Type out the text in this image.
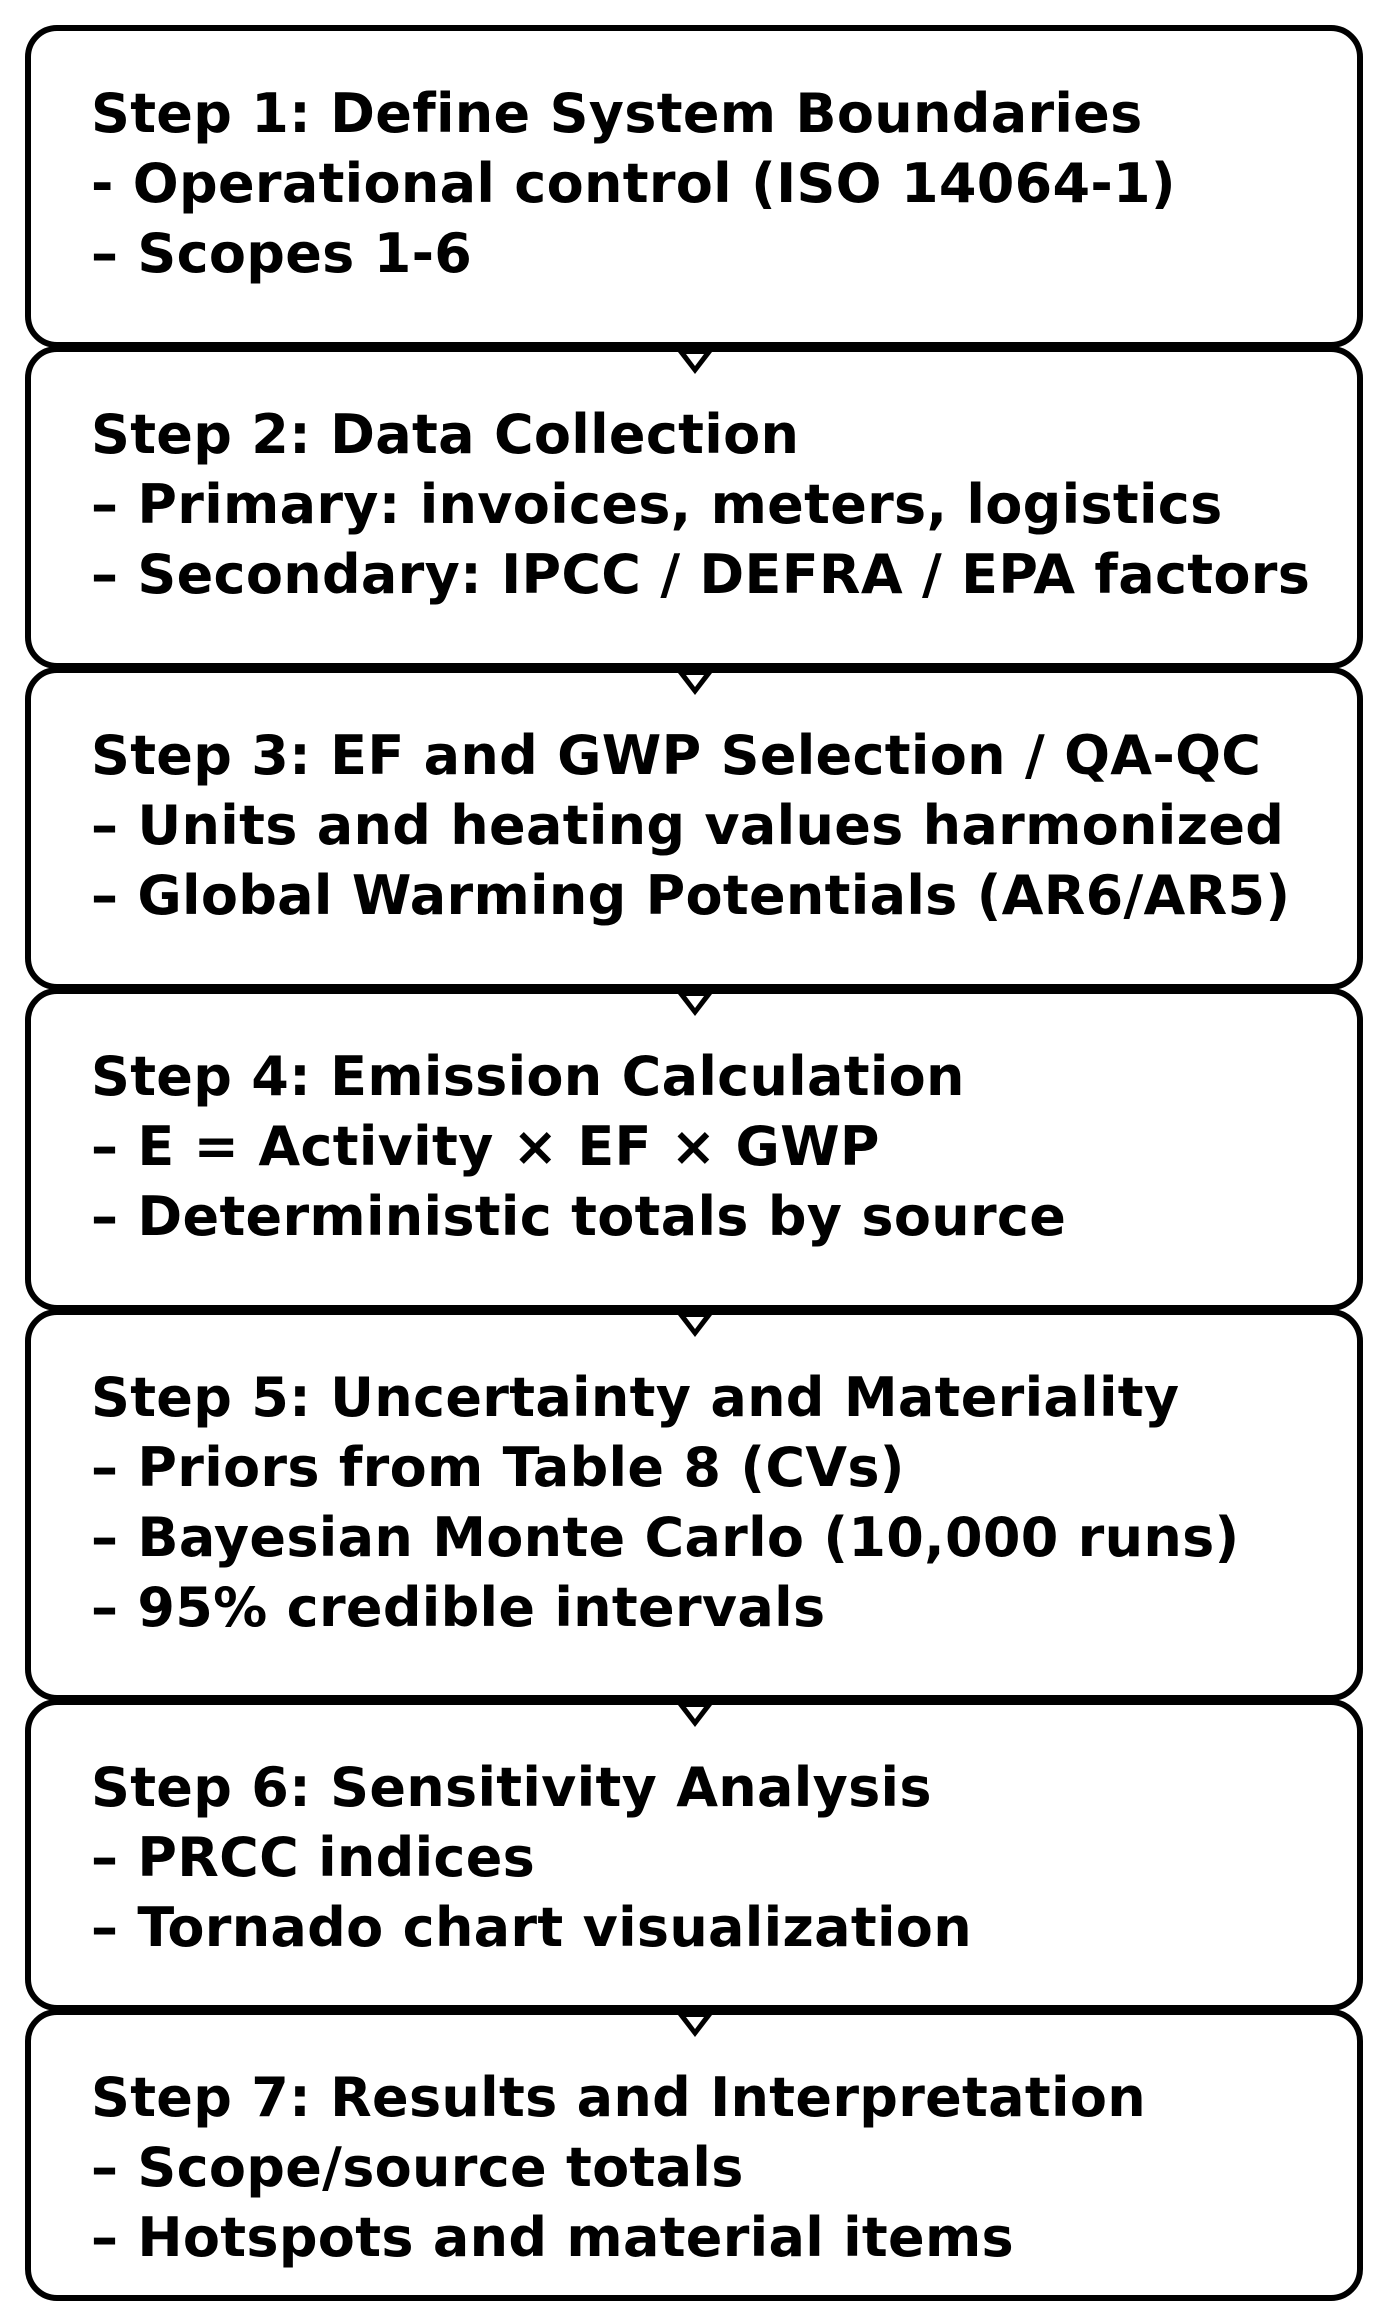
Step 1: Define System Boundaries
- Operational control (ISO 14064-1)
– Scopes 1-6
Step 2: Data Collection
– Primary: invoices, meters, logistics
– Secondary: IPCC / DEFRA / EPA factors
Step 3: EF and GWP Selection / QA-QC
– Units and heating values harmonized
– Global Warming Potentials (AR6/AR5)
Step 4: Emission Calculation
– E = Activity × EF × GWP
– Deterministic totals by source
Step 5: Uncertainty and Materiality
– Priors from Table 8 (CVs)
– Bayesian Monte Carlo (10,000 runs)
– 95% credible intervals
Step 6: Sensitivity Analysis
– PRCC indices
– Tornado chart visualization
Step 7: Results and Interpretation
– Scope/source totals
– Hotspots and material items
